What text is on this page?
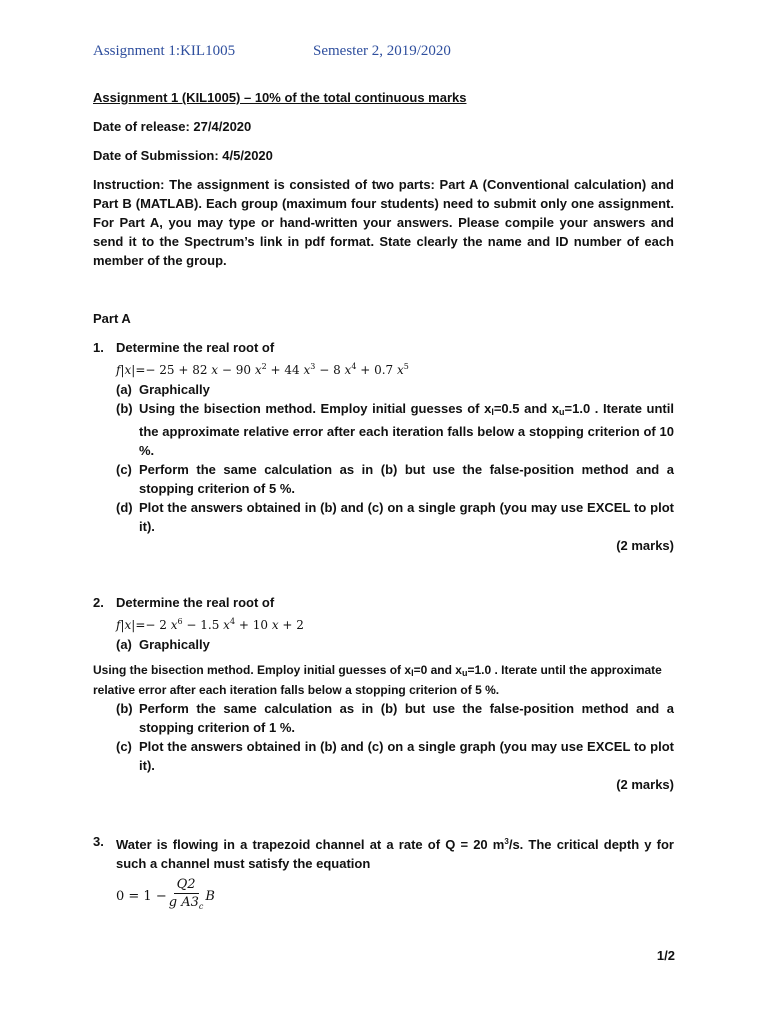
Assignment 1:KIL1005	Semester 2, 2019/2020

Assignment 1 (KIL1005) – 10% of the total continuous marks

Date of release: 27/4/2020

Date of Submission: 4/5/2020

Instruction: The assignment is consisted of two parts: Part A (Conventional calculation) and Part B (MATLAB). Each group (maximum four students) need to submit only one assignment. For Part A, you may type or hand-written your answers. Please compile your answers and send it to the Spectrum’s link in pdf format. State clearly the name and ID number of each member of the group.

Part A

1. Determine the real root of
f|x|=− 25 + 82 x − 90 $x^2 + 44$ $x^3 - 8$ $x^4 + 0.7$ $x^5$
(a) Graphically
(b) Using the bisection method. Employ initial guesses of xl=0.5 and xu=1.0 . Iterate until the approximate relative error after each iteration falls below a stopping criterion of 10 %.
(c) Perform the same calculation as in (b) but use the false-position method and a stopping criterion of 5 %.
(d) Plot the answers obtained in (b) and (c) on a single graph (you may use EXCEL to plot it).

(2 marks)

2. Determine the real root of
f|x|=− 2 $x^6 - 1.5$ $x^4 + 10$ x + 2
(a) Graphically

Using the bisection method. Employ initial guesses of xl=0 and xu=1.0 . Iterate until the approximate relative error after each iteration falls below a stopping criterion of 5 %.

(b) Perform the same calculation as in (b) but use the false-position method and a stopping criterion of 1 %.
(c) Plot the answers obtained in (b) and (c) on a single graph (you may use EXCEL to plot it).

(2 marks)

3. Water is flowing in a trapezoid channel at a rate of Q = 20 $m^3/s$. The critical depth y for such a channel must satisfy the equation
$0 = 1 - \frac{Q2}{g A3_c}$ B
1/2
